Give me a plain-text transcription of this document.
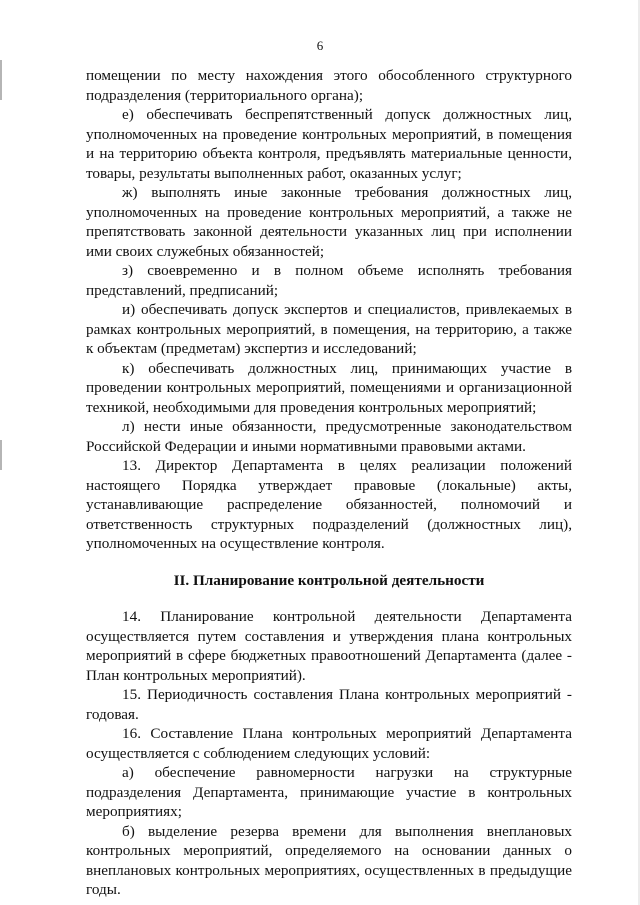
6

помещении по месту нахождения этого обособленного структурного подразделения (территориального органа);

е) обеспечивать беспрепятственный допуск должностных лиц, уполномоченных на проведение контрольных мероприятий, в помещения и на территорию объекта контроля, предъявлять материальные ценности, товары, результаты выполненных работ, оказанных услуг;

ж) выполнять иные законные требования должностных лиц, уполномоченных на проведение контрольных мероприятий, а также не препятствовать законной деятельности указанных лиц при исполнении ими своих служебных обязанностей;

з) своевременно и в полном объеме исполнять требования представлений, предписаний;

и) обеспечивать допуск экспертов и специалистов, привлекаемых в рамках контрольных мероприятий, в помещения, на территорию, а также к объектам (предметам) экспертиз и исследований;

к) обеспечивать должностных лиц, принимающих участие в проведении контрольных мероприятий, помещениями и организационной техникой, необходимыми для проведения контрольных мероприятий;

л) нести иные обязанности, предусмотренные законодательством Российской Федерации и иными нормативными правовыми актами.

13. Директор Департамента в целях реализации положений настоящего Порядка утверждает правовые (локальные) акты, устанавливающие распределение обязанностей, полномочий и ответственность структурных подразделений (должностных лиц), уполномоченных на осуществление контроля.

II. Планирование контрольной деятельности

14. Планирование контрольной деятельности Департамента осуществляется путем составления и утверждения плана контрольных мероприятий в сфере бюджетных правоотношений Департамента (далее - План контрольных мероприятий).

15. Периодичность составления Плана контрольных мероприятий - годовая.

16. Составление Плана контрольных мероприятий Департамента осуществляется с соблюдением следующих условий:

а) обеспечение равномерности нагрузки на структурные подразделения Департамента, принимающие участие в контрольных мероприятиях;

б) выделение резерва времени для выполнения внеплановых контрольных мероприятий, определяемого на основании данных о внеплановых контрольных мероприятиях, осуществленных в предыдущие годы.
